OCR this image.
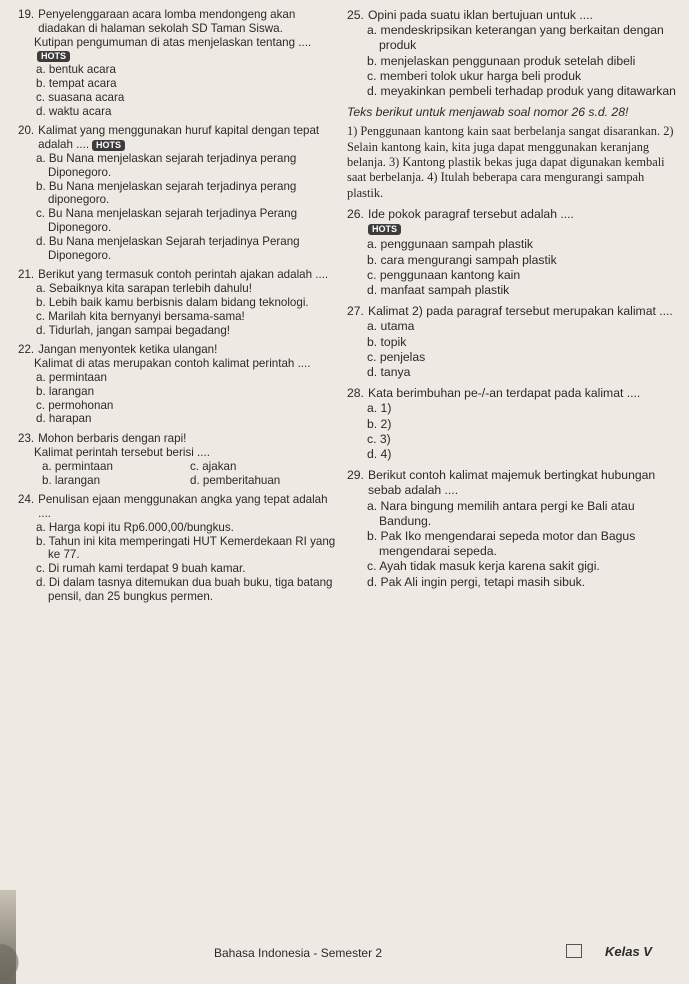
19. Penyelenggaraan acara lomba mendongeng akan diadakan di halaman sekolah SD Taman Siswa.
Kutipan pengumuman di atas menjelaskan tentang ....HOTS
a. bentuk acara
b. tempat acara
c. suasana acara
d. waktu acara
20. Kalimat yang menggunakan huruf kapital dengan tepat adalah .... HOTS
a. Bu Nana menjelaskan sejarah terjadinya perang Diponegoro.
b. Bu Nana menjelaskan sejarah terjadinya perang diponegoro.
c. Bu Nana menjelaskan sejarah terjadinya Perang Diponegoro.
d. Bu Nana menjelaskan Sejarah terjadinya Perang Diponegoro.
21. Berikut yang termasuk contoh perintah ajakan adalah ....
a. Sebaiknya kita sarapan terlebih dahulu!
b. Lebih baik kamu berbisnis dalam bidang teknologi.
c. Marilah kita bernyanyi bersama-sama!
d. Tidurlah, jangan sampai begadang!
22. Jangan menyontek ketika ulangan!
Kalimat di atas merupakan contoh kalimat perintah ....
a. permintaan
b. larangan
c. permohonan
d. harapan
23. Mohon berbaris dengan rapi!
Kalimat perintah tersebut berisi ....
a. permintaan	c. ajakan
b. larangan	d. pemberitahuan
24. Penulisan ejaan menggunakan angka yang tepat adalah ....
a. Harga kopi itu Rp6.000,00/bungkus.
b. Tahun ini kita memperingati HUT Kemerdekaan RI yang ke 77.
c. Di rumah kami terdapat 9 buah kamar.
d. Di dalam tasnya ditemukan dua buah buku, tiga batang pensil, dan 25 bungkus permen.
25. Opini pada suatu iklan bertujuan untuk ....
a. mendeskripsikan keterangan yang berkaitan dengan produk
b. menjelaskan penggunaan produk setelah dibeli
c. memberi tolok ukur harga beli produk
d. meyakinkan pembeli terhadap produk yang ditawarkan
Teks berikut untuk menjawab soal nomor 26 s.d. 28!
1) Penggunaan kantong kain saat berbelanja sangat disarankan. 2) Selain kantong kain, kita juga dapat menggunakan keranjang belanja. 3) Kantong plastik bekas juga dapat digunakan kembali saat berbelanja. 4) Itulah beberapa cara mengurangi sampah plastik.
26. Ide pokok paragraf tersebut adalah ....
HOTS
a. penggunaan sampah plastik
b. cara mengurangi sampah plastik
c. penggunaan kantong kain
d. manfaat sampah plastik
27. Kalimat 2) pada paragraf tersebut merupakan kalimat ....
a. utama
b. topik
c. penjelas
d. tanya
28. Kata berimbuhan pe-/-an terdapat pada kalimat ....
a. 1)
b. 2)
c. 3)
d. 4)
29. Berikut contoh kalimat majemuk bertingkat hubungan sebab adalah ....
a. Nara bingung memilih antara pergi ke Bali atau Bandung.
b. Pak Iko mengendarai sepeda motor dan Bagus mengendarai sepeda.
c. Ayah tidak masuk kerja karena sakit gigi.
d. Pak Ali ingin pergi, tetapi masih sibuk.
Bahasa Indonesia - Semester 2	Kelas V
